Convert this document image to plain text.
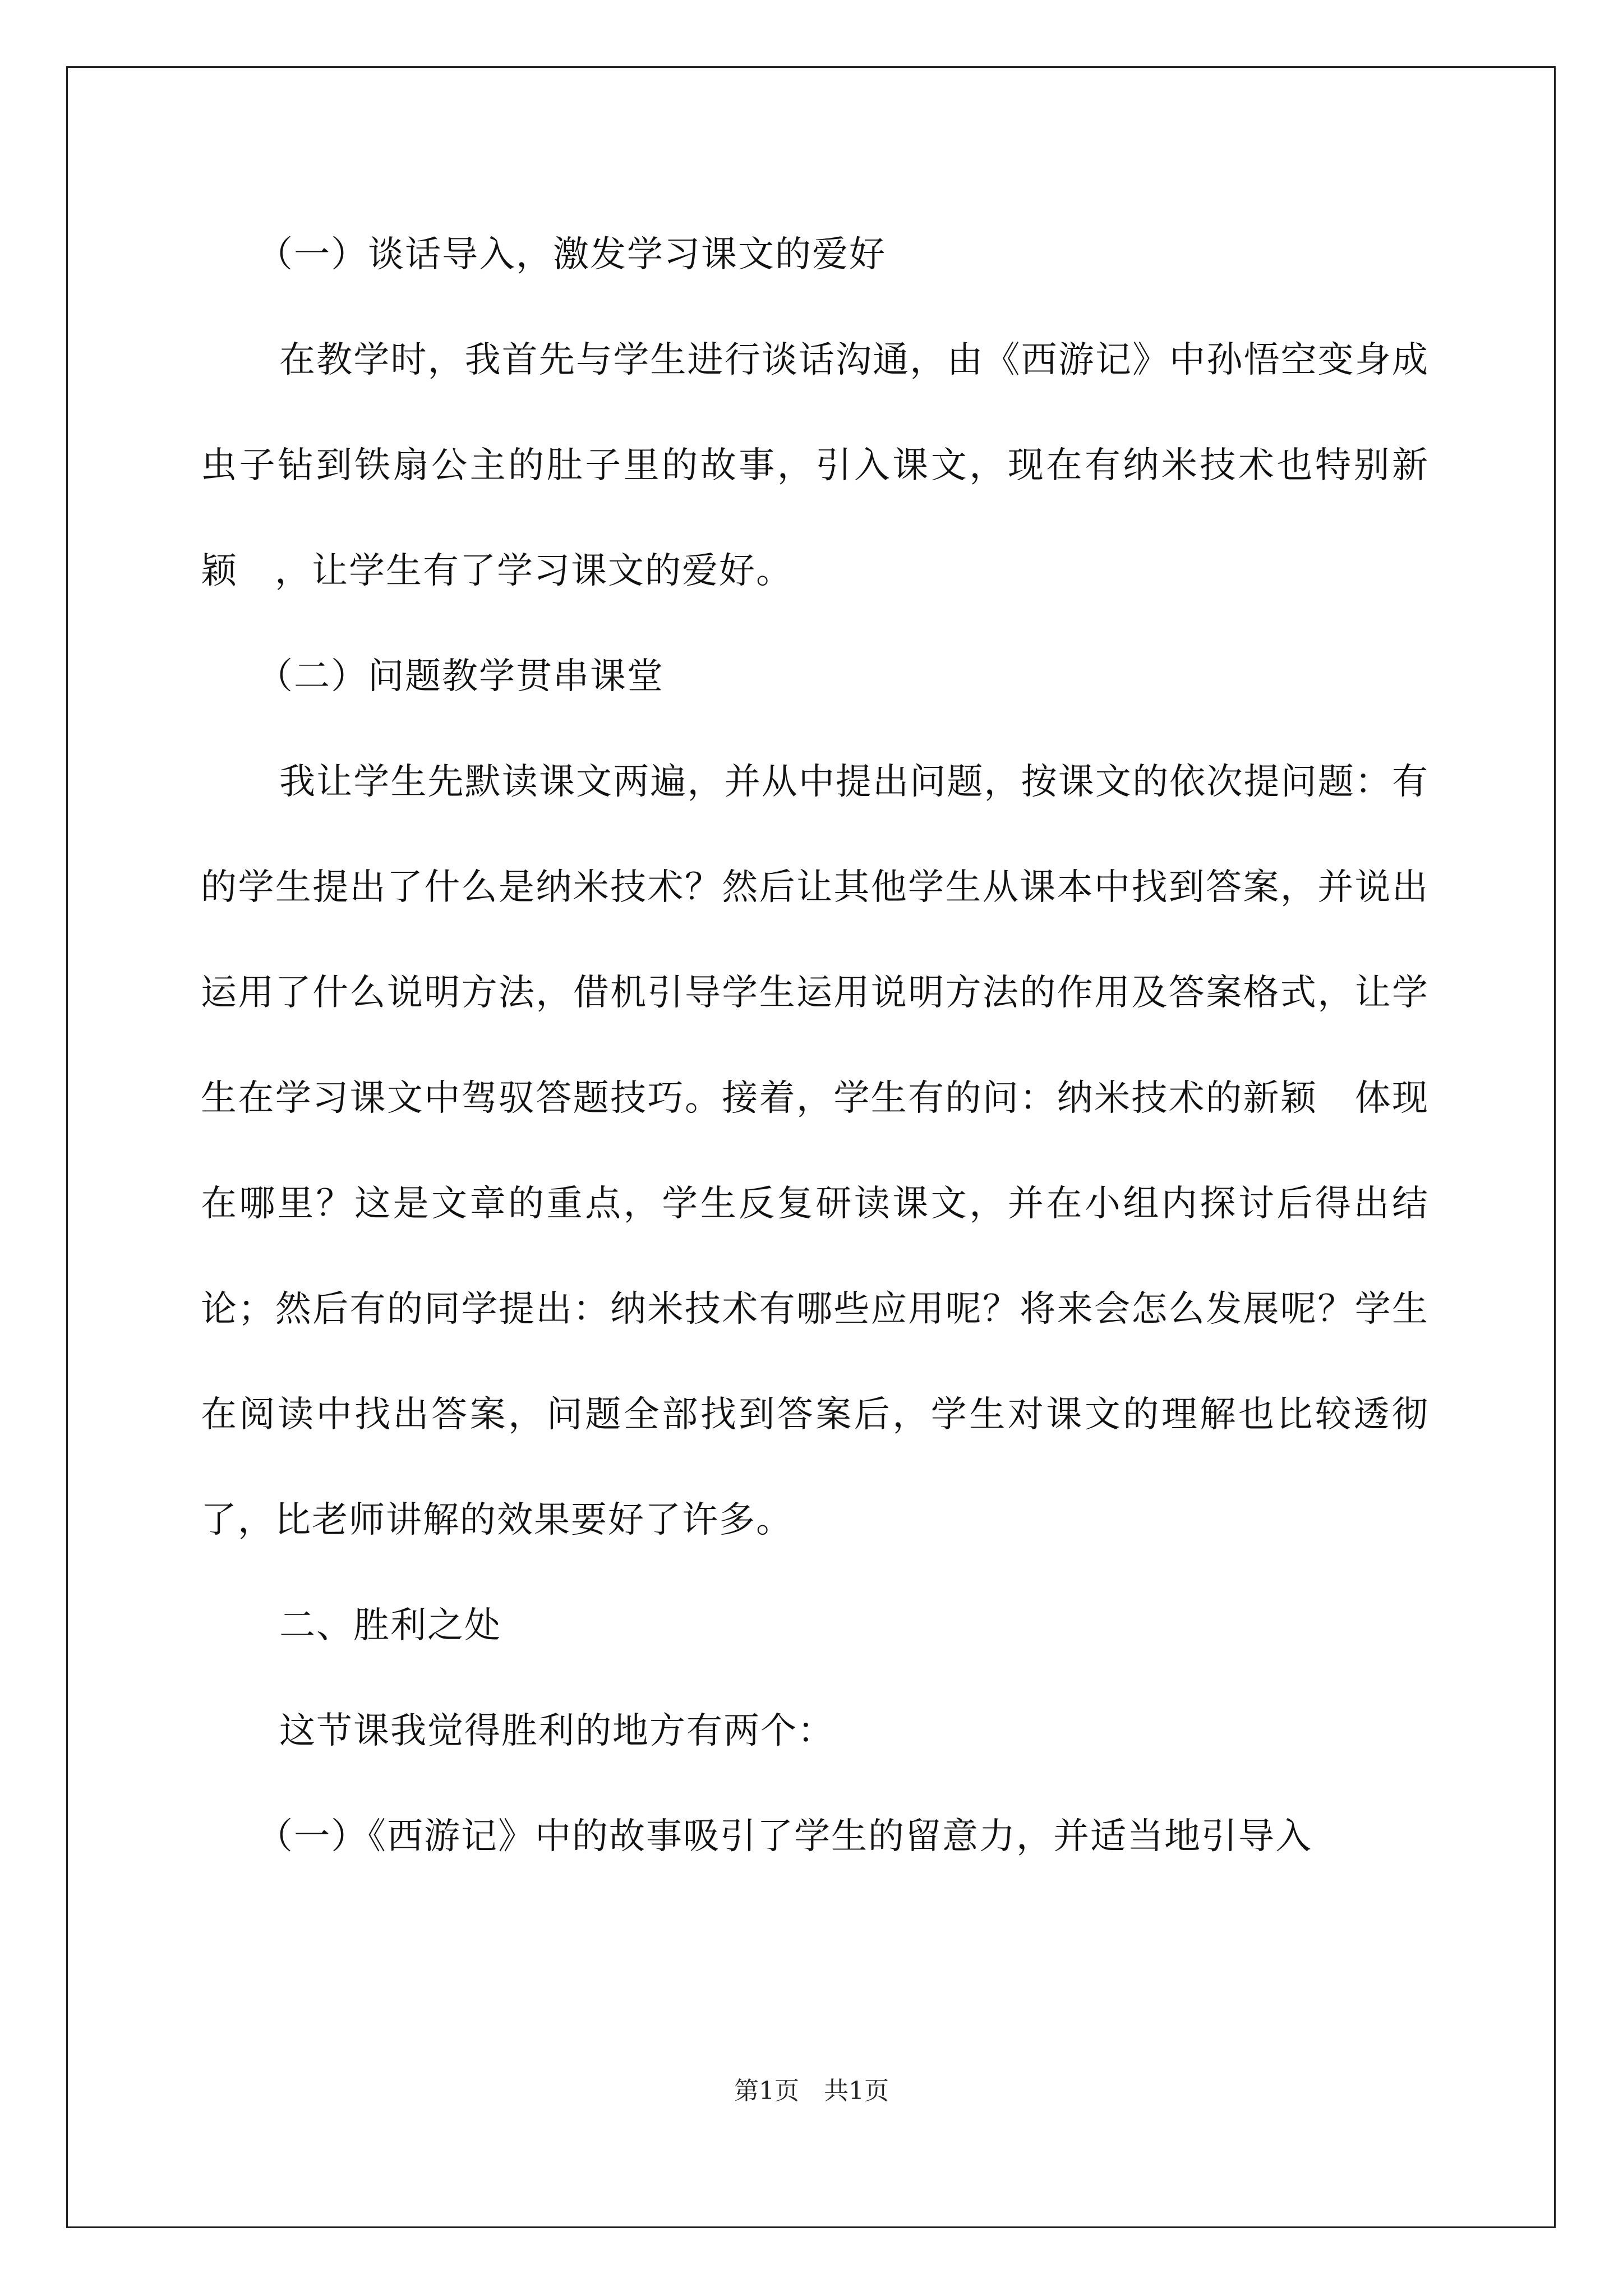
（一）谈话导入，激发学习课文的爱好

在教学时，我首先与学生进行谈话沟通，由《西游记》中孙悟空变身成虫子钻到铁扇公主的肚子里的故事，引入课文，现在有纳米技术也特别新颖　，让学生有了学习课文的爱好。

（二）问题教学贯串课堂

我让学生先默读课文两遍，并从中提出问题，按课文的依次提问题：有的学生提出了什么是纳米技术？然后让其他学生从课本中找到答案，并说出运用了什么说明方法，借机引导学生运用说明方法的作用及答案格式，让学生在学习课文中驾驭答题技巧。接着，学生有的问：纳米技术的新颖　体现在哪里？这是文章的重点，学生反复研读课文，并在小组内探讨后得出结论；然后有的同学提出：纳米技术有哪些应用呢？将来会怎么发展呢？学生在阅读中找出答案，问题全部找到答案后，学生对课文的理解也比较透彻了，比老师讲解的效果要好了许多。

二、胜利之处

这节课我觉得胜利的地方有两个：

（一）《西游记》中的故事吸引了学生的留意力，并适当地引导入

第1页　共1页
